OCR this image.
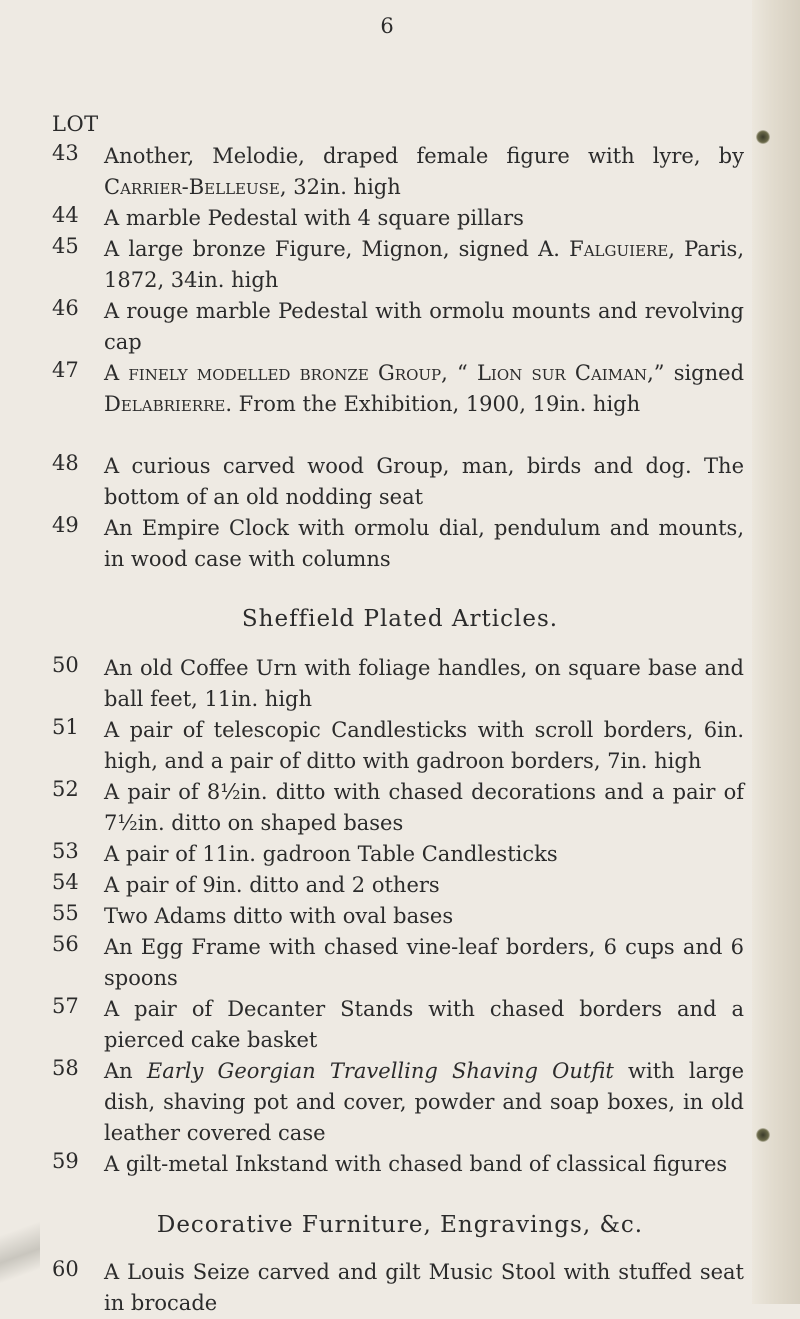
6
LOT
43	Another, Melodie, draped female figure with lyre, by Carrier-Belleuse, 32in. high
44	A marble Pedestal with 4 square pillars
45	A large bronze Figure, Mignon, signed A. Falguiere, Paris, 1872, 34in. high
46	A rouge marble Pedestal with ormolu mounts and revolving cap
47	A finely modelled bronze Group, “ Lion sur Caiman,” signed Delabrierre. From the Exhibition, 1900, 19in. high
48	A curious carved wood Group, man, birds and dog. The bottom of an old nodding seat
49	An Empire Clock with ormolu dial, pendulum and mounts, in wood case with columns
Sheffield Plated Articles.
50	An old Coffee Urn with foliage handles, on square base and ball feet, 11in. high
51	A pair of telescopic Candlesticks with scroll borders, 6in. high, and a pair of ditto with gadroon borders, 7in. high
52	A pair of 8½in. ditto with chased decorations and a pair of 7½in. ditto on shaped bases
53	A pair of 11in. gadroon Table Candlesticks
54	A pair of 9in. ditto and 2 others
55	Two Adams ditto with oval bases
56	An Egg Frame with chased vine-leaf borders, 6 cups and 6 spoons
57	A pair of Decanter Stands with chased borders and a pierced cake basket
58	An Early Georgian Travelling Shaving Outfit with large dish, shaving pot and cover, powder and soap boxes, in old leather covered case
59	A gilt-metal Inkstand with chased band of classical figures
Decorative Furniture, Engravings, &c.
60	A Louis Seize carved and gilt Music Stool with stuffed seat in brocade
